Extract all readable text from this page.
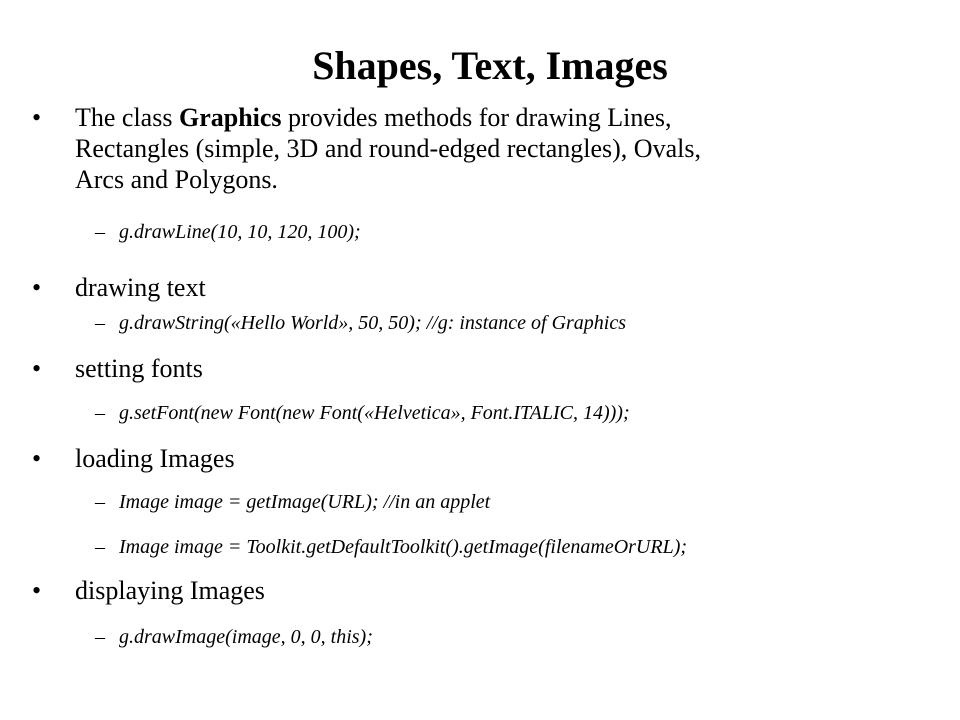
Shapes, Text, Images
•	The class Graphics provides methods for drawing Lines,
Rectangles (simple, 3D and round-edged rectangles), Ovals,
Arcs and Polygons.
– g.drawLine(10, 10, 120, 100);
•	drawing text
– g.drawString(«Hello World», 50, 50); //g: instance of Graphics
•	setting fonts
– g.setFont(new Font(new Font(«Helvetica», Font.ITALIC, 14)));
•	loading Images
– Image image = getImage(URL); //in an applet
– Image image = Toolkit.getDefaultToolkit().getImage(filenameOrURL);
•	displaying Images
– g.drawImage(image, 0, 0, this);
